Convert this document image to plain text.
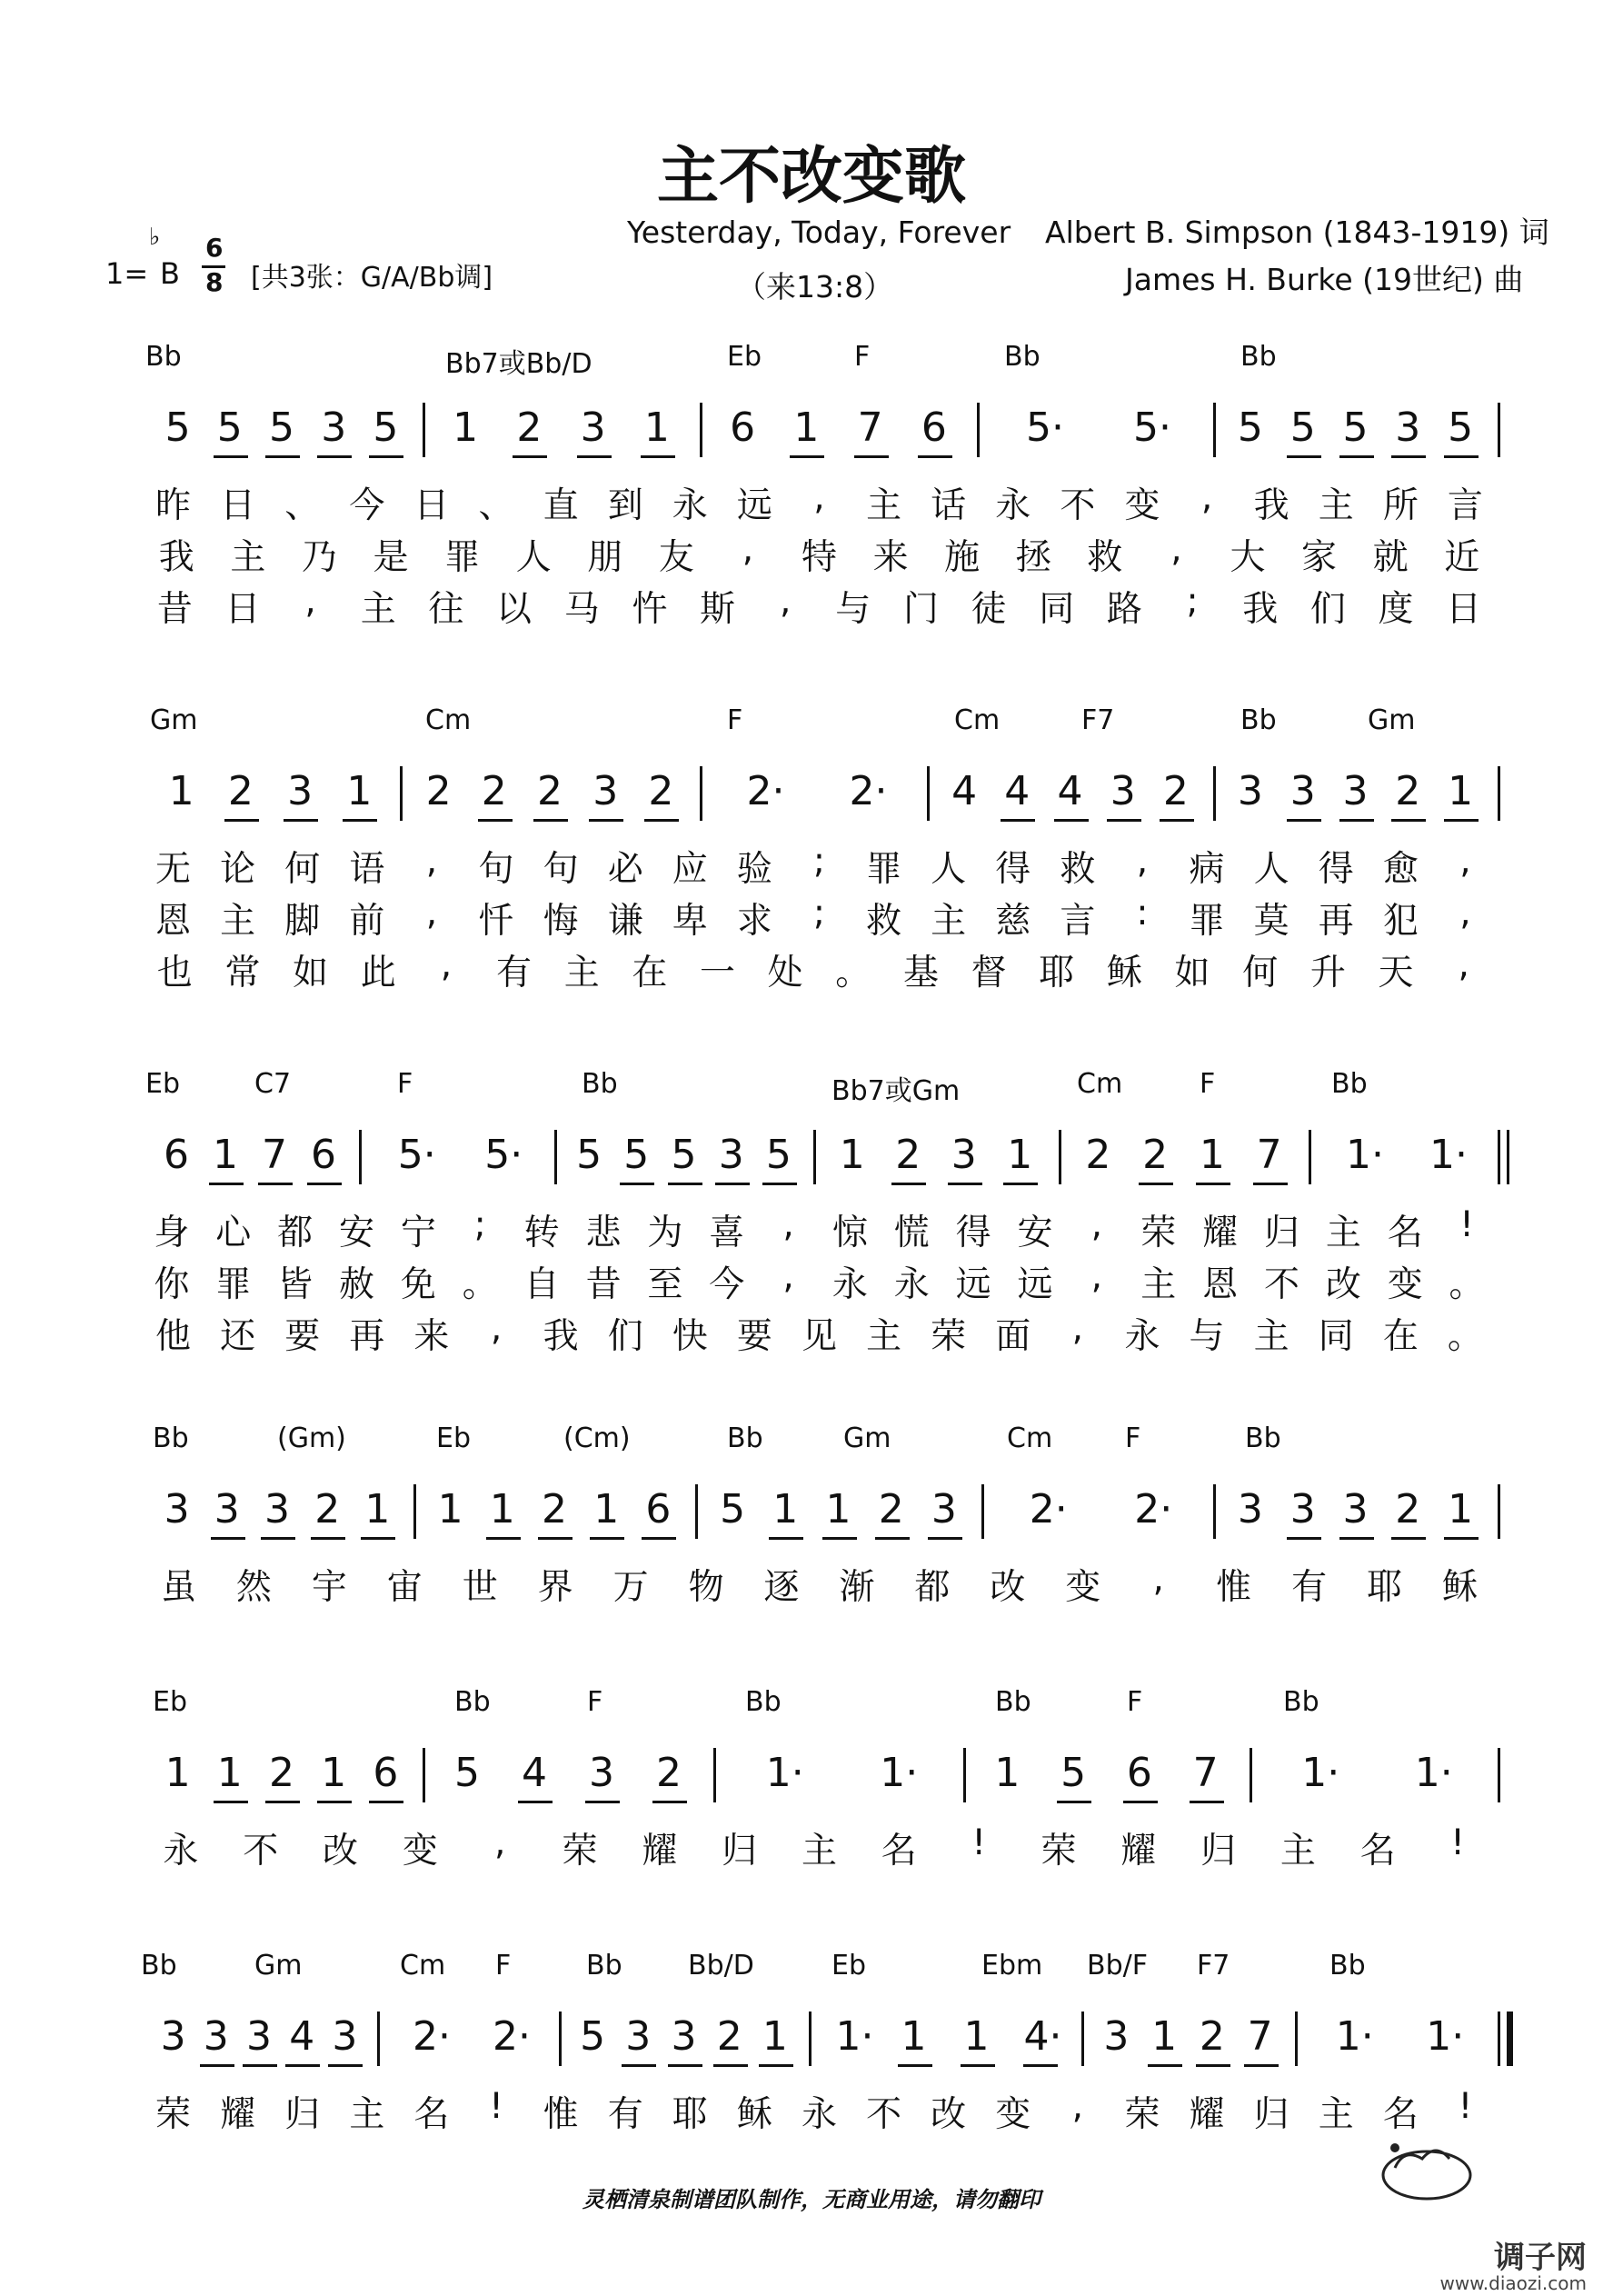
主不改变歌
Yesterday, Today, Forever
（来13:8）
Albert B. Simpson (1843-1919) 词
James H. Burke (19世纪) 曲
1=
♭
B
6
8 [共3张：G/A/Bb调]
Bb	Bb7或Bb/D	Eb	F	Bb	Bb
5 5 5 3 5 1 2 3 1 6 1 7 6 5· 5· 5 5 5 3 5
昨 日 、 今 日 、 直 到 永 远	,	主 话 永 不 变	,	我 主 所 言
我 主 乃 是 罪 人 朋 友	,	特 来 施 拯 救	,	大 家 就 近
昔 日	,	主 往 以 马 忤 斯	,	与 门 徒 同 路	;	我 们 度 日
Gm	Cm	F	Cm	F7	Bb	Gm
1 2 3 1 2 2 2 3 2 2· 2· 4 4 4 3 2 3 3 3 2 1
无 论 何 语	,	句 句 必 应 验	;	罪 人 得 救	,	病 人 得 愈	,
恩 主 脚 前	,	忏 悔 谦 卑 求	;	救 主 慈 言	:	罪 莫 再 犯	,
也 常 如 此	,	有 主 在 一 处 。 基 督 耶 稣 如 何 升 天	,
Eb	C7	F	Bb	Bb7或Gm	Cm	F	Bb
6 1 7 6 5· 5· 5 5 5 3 5 1 2 3 1 2 2 1 7 1· 1·
身 心 都 安 宁	;	转 悲 为 喜	,	惊 慌 得 安	,	荣 耀 归 主 名	!
你 罪 皆 赦 免 。 自 昔 至 今	,	永 永 远 远	,	主 恩 不 改 变 。
他 还 要 再 来	,	我 们 快 要 见 主 荣 面	,	永 与 主 同 在 。
Bb	(Gm)	Eb	(Cm)	Bb	Gm	Cm	F	Bb
3 3 3 2 1 1 1 2 1 6 5 1 1 2 3 2· 2· 3 3 3 2 1
虽 然 宇 宙 世 界 万 物 逐 渐 都 改 变	,	惟 有 耶 稣
Eb	Bb	F	Bb	Bb	F	Bb
1 1 2 1 6 5 4 3 2 1· 1· 1 5 6 7 1· 1·
永 不 改 变	,	荣 耀 归 主 名	!	荣 耀 归 主 名	!
Bb	Gm	Cm F	Bb Bb/D	Eb	Ebm Bb/F F7	Bb
3 3 3 4 3 2· 2· 5 3 3 2 1 1· 1 1 4· 3 1 2 7 1· 1·
荣 耀 归 主 名	!	惟 有 耶 稣 永 不 改 变	,	荣 耀 归 主 名	!
灵栖清泉制谱团队制作，无商业用途，请勿翻印
调子网
www.diaozi.com
